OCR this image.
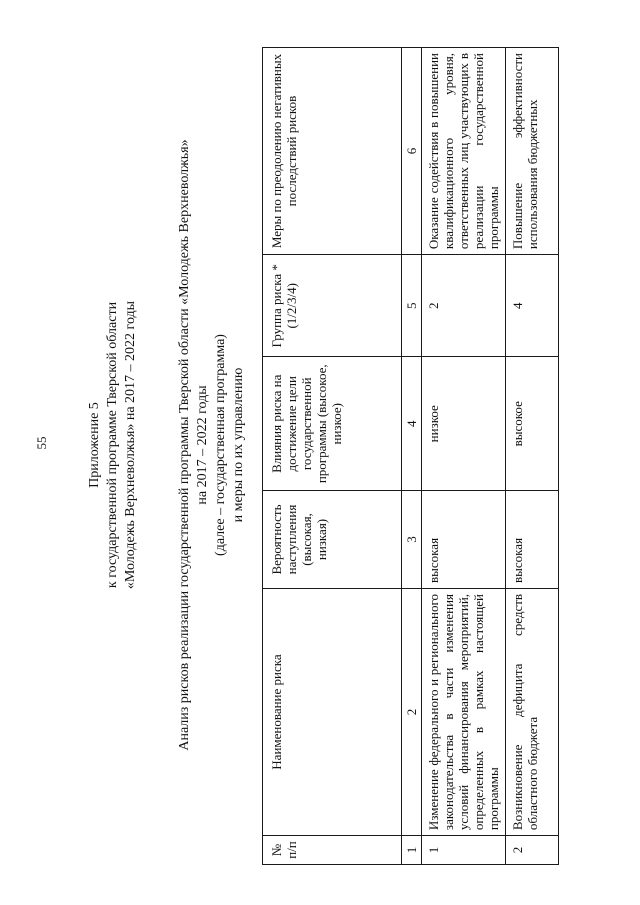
55	Приложение 5 к государственной программе Тверской области «Молодежь Верхневолжья» на 2017 – 2022 годы	Анализ рисков реализации государственной программы Тверской области «Молодежь Верхневолжья» на 2017 – 2022 годы (далее – государственная программа) и меры по их управлению
№ п/п	Наименование риска	Вероятность наступления (высокая, низкая)	Влияния риска на достижение цели государственной программы (высокое, низкое)	Группа риска * (1/2/3/4)	Меры по преодолению негативных последствий рисков
1	2	3	4	5	6
1	Изменение федерального и регионального законодательства в части изменения условий финансирования мероприятий, определенных в рамках настоящей программы	высокая	низкое	2	Оказание содействия в повышении квалификационного уровня, ответственных лиц участвующих в реализации государственной программы
2	Возникновение дефицита средств областного бюджета	высокая	высокое	4	Повышение эффективности использования бюджетных
